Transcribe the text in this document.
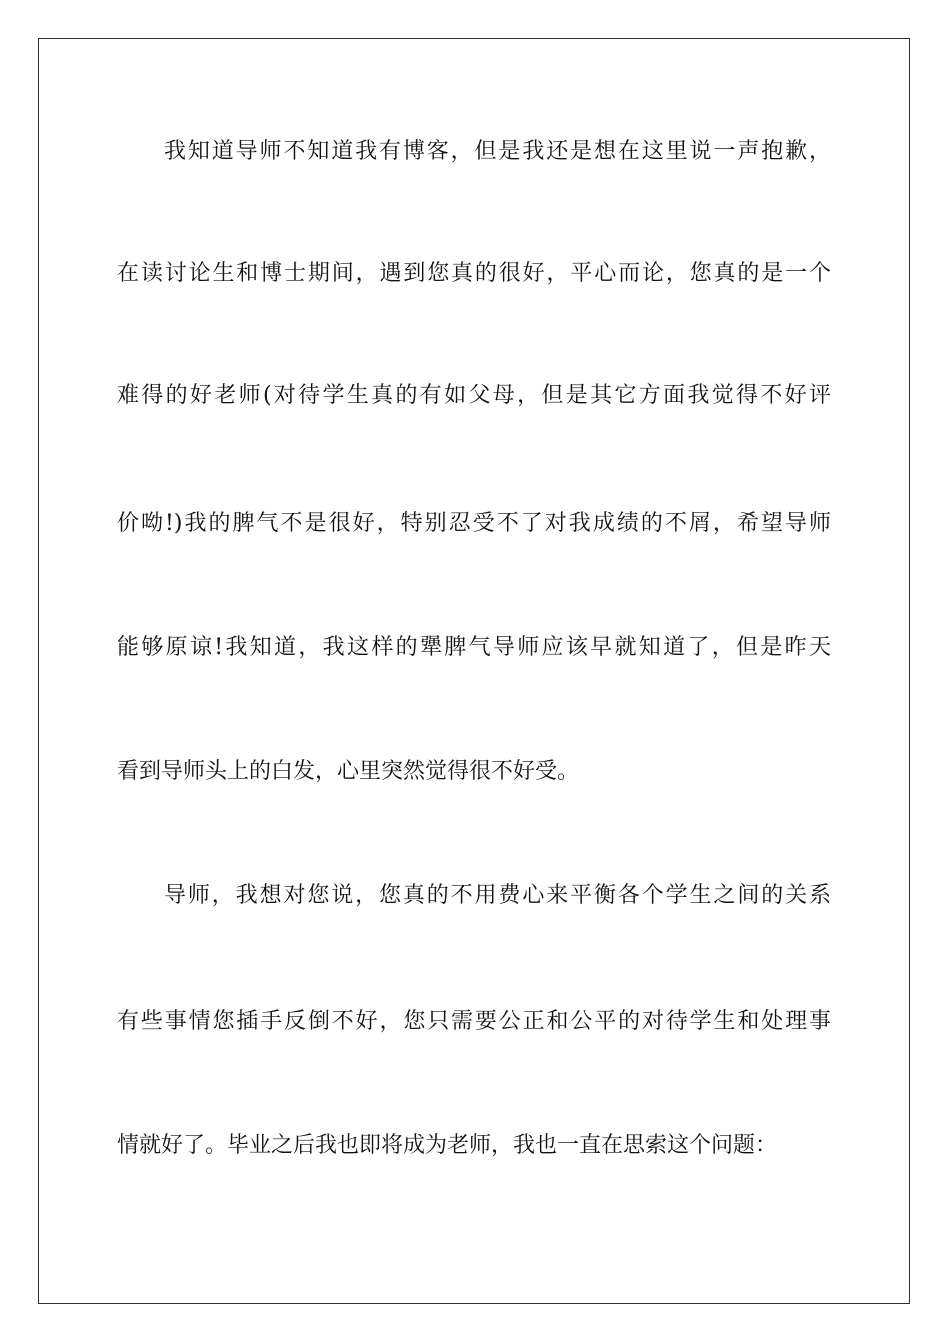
我知道导师不知道我有博客，但是我还是想在这里说一声抱歉，
在读讨论生和博士期间，遇到您真的很好，平心而论，您真的是一个
难得的好老师(对待学生真的有如父母，但是其它方面我觉得不好评
价呦!)我的脾气不是很好，特别忍受不了对我成绩的不屑，希望导师
能够原谅!我知道，我这样的犟脾气导师应该早就知道了，但是昨天
看到导师头上的白发，心里突然觉得很不好受。
导师，我想对您说，您真的不用费心来平衡各个学生之间的关系
有些事情您插手反倒不好，您只需要公正和公平的对待学生和处理事
情就好了。毕业之后我也即将成为老师，我也一直在思索这个问题：
